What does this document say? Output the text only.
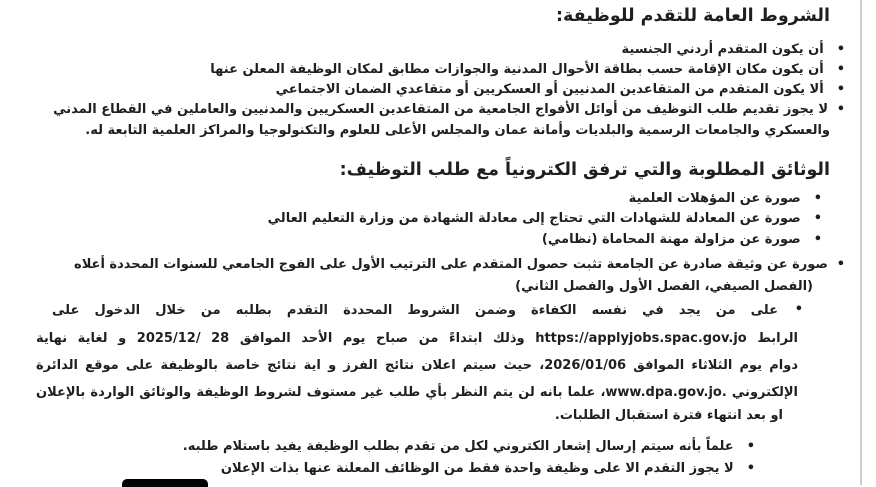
الشروط العامة للتقدم للوظيفة:
•أن يكون المتقدم أردني الجنسية
•أن يكون مكان الإقامة حسب بطاقة الأحوال المدنية والجوازات مطابق لمكان الوظيفة المعلن عنها
•ألا يكون المتقدم من المتقاعدين المدنيين أو العسكريين أو متقاعدي الضمان الاجتماعي
•
لا يجوز تقديم طلب التوظيف من أوائل الأفواج الجامعية من المتقاعدين العسكريين والمدنيين والعاملين في القطاع المدني
والعسكري والجامعات الرسمية والبلديات وأمانة عمان والمجلس الأعلى للعلوم والتكنولوجيا والمراكز العلمية التابعة له.
الوثائق المطلوبة والتي ترفق الكترونياً مع طلب التوظيف:
•صورة عن المؤهلات العلمية
•صورة عن المعادلة للشهادات التي تحتاج إلى معادلة الشهادة من وزارة التعليم العالي
•صورة عن مزاولة مهنة المحاماة (نظامي)
•
صورة عن وثيقة صادرة عن الجامعة تثبت حصول المتقدم على الترتيب الأول على الفوج الجامعي للسنوات المحددة أعلاه
(الفصل الصيفي، الفصل الأول والفصل الثاني)
•
على من يجد في نفسه الكفاءة وضمن الشروط المحددة التقدم بطلبه من خلال الدخول على
الرابط https://applyjobs.spac.gov.jo وذلك ابتداءً من صباح يوم الأحد الموافق 2025/12/ 28 و لغاية نهاية
دوام يوم الثلاثاء الموافق 2026/01/06، حيث سيتم اعلان نتائج الفرز و اية نتائج خاصة بالوظيفة على موقع الدائرة
الإلكتروني www.dpa.gov.jo.، علما بانه لن يتم النظر بأي طلب غير مستوف لشروط الوظيفة والوثائق الواردة بالإعلان
او بعد انتهاء فترة استقبال الطلبات.
•علماً بأنه سيتم إرسال إشعار الكتروني لكل من تقدم بطلب الوظيفة يفيد باستلام طلبه.
•لا يجوز التقدم الا على وظيفة واحدة فقط من الوظائف المعلنة عنها بذات الإعلان
